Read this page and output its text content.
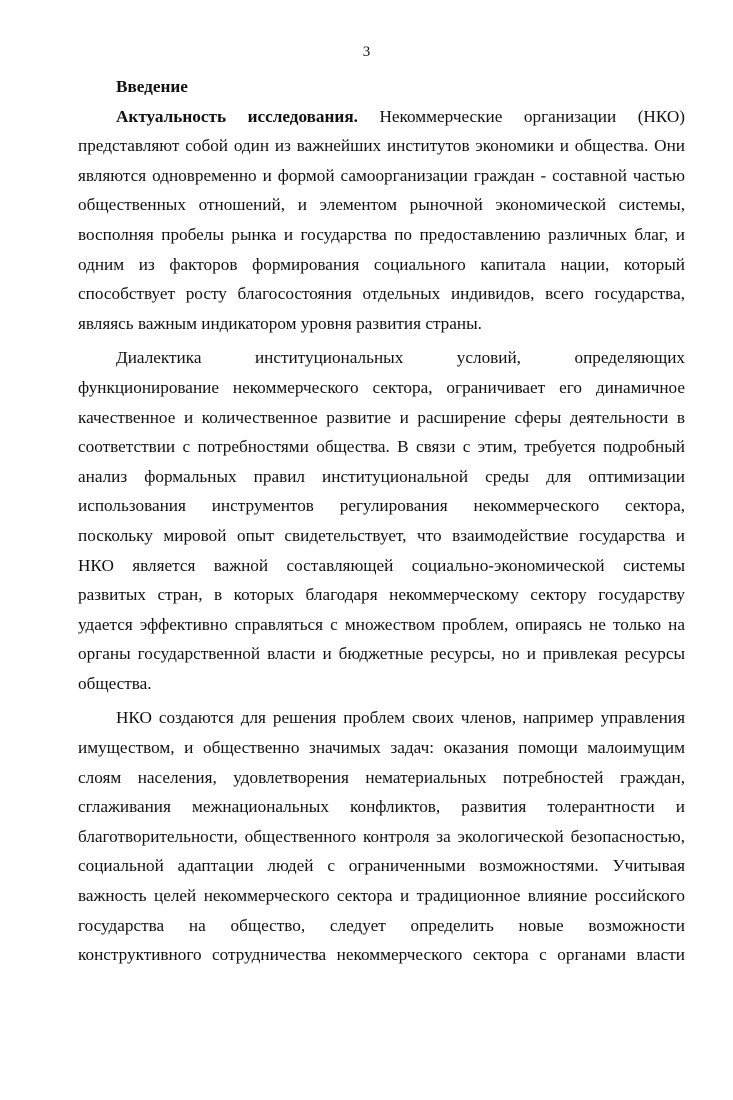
3
Введение
Актуальность исследования. Некоммерческие организации (НКО)
представляют собой один из важнейших институтов экономики и общества. Они
являются одновременно и формой самоорганизации граждан - составной частью
общественных отношений, и элементом рыночной экономической системы,
восполняя пробелы рынка и государства по предоставлению различных благ, и
одним из факторов формирования социального капитала нации, который
способствует росту благосостояния отдельных индивидов, всего государства,
являясь важным индикатором уровня развития страны.
Диалектика институциональных условий, определяющих
функционирование некоммерческого сектора, ограничивает его динамичное
качественное и количественное развитие и расширение сферы деятельности в
соответствии с потребностями общества. В связи с этим, требуется подробный
анализ формальных правил институциональной среды для оптимизации
использования инструментов регулирования некоммерческого сектора,
поскольку мировой опыт свидетельствует, что взаимодействие государства и
НКО является важной составляющей социально-экономической системы
развитых стран, в которых благодаря некоммерческому сектору государству
удается эффективно справляться с множеством проблем, опираясь не только на
органы государственной власти и бюджетные ресурсы, но и привлекая ресурсы
общества.
НКО создаются для решения проблем своих членов, например управления
имуществом, и общественно значимых задач: оказания помощи малоимущим
слоям населения, удовлетворения нематериальных потребностей граждан,
сглаживания межнациональных конфликтов, развития толерантности и
благотворительности, общественного контроля за экологической безопасностью,
социальной адаптации людей с ограниченными возможностями. Учитывая
важность целей некоммерческого сектора и традиционное влияние российского
государства на общество, следует определить новые возможности
конструктивного сотрудничества некоммерческого сектора с органами власти
